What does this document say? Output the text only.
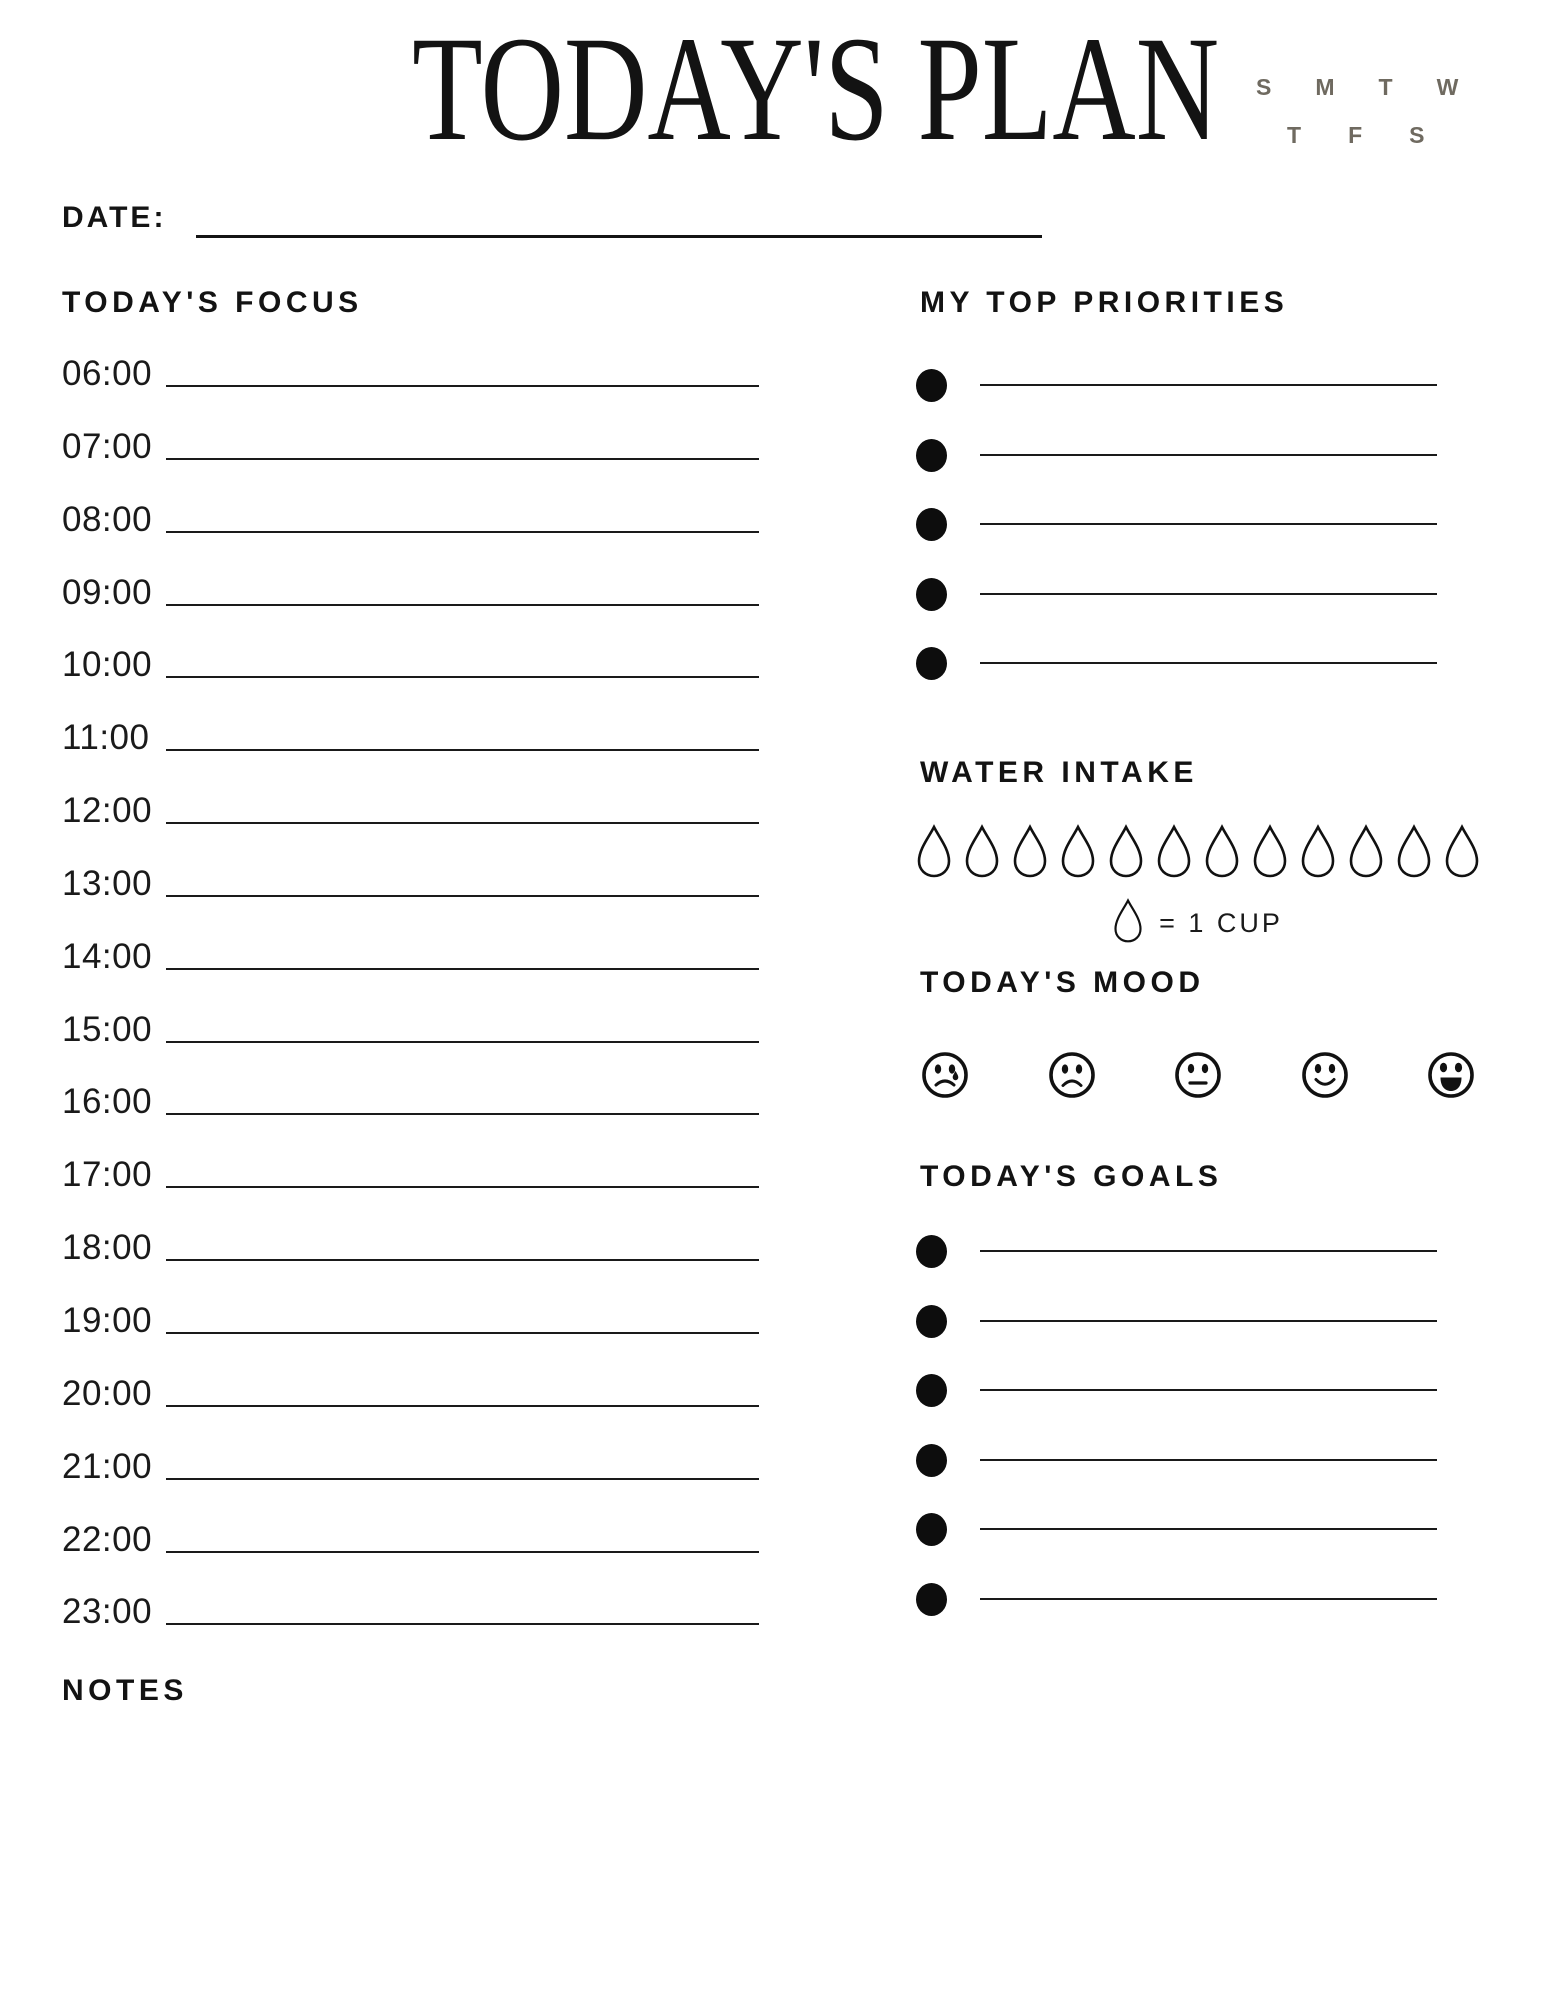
TODAY'S PLAN S M T W
T F S
DATE:
TODAY'S FOCUS	MY TOP PRIORITIES
WATER INTAKE
TODAY'S MOOD
TODAY'S GOALS
NOTES
06:00
07:00
08:00
09:00
10:00
11:00
12:00
13:00
14:00
15:00
16:00
17:00
18:00
19:00
20:00
21:00
22:00
23:00
= 1 CUP
